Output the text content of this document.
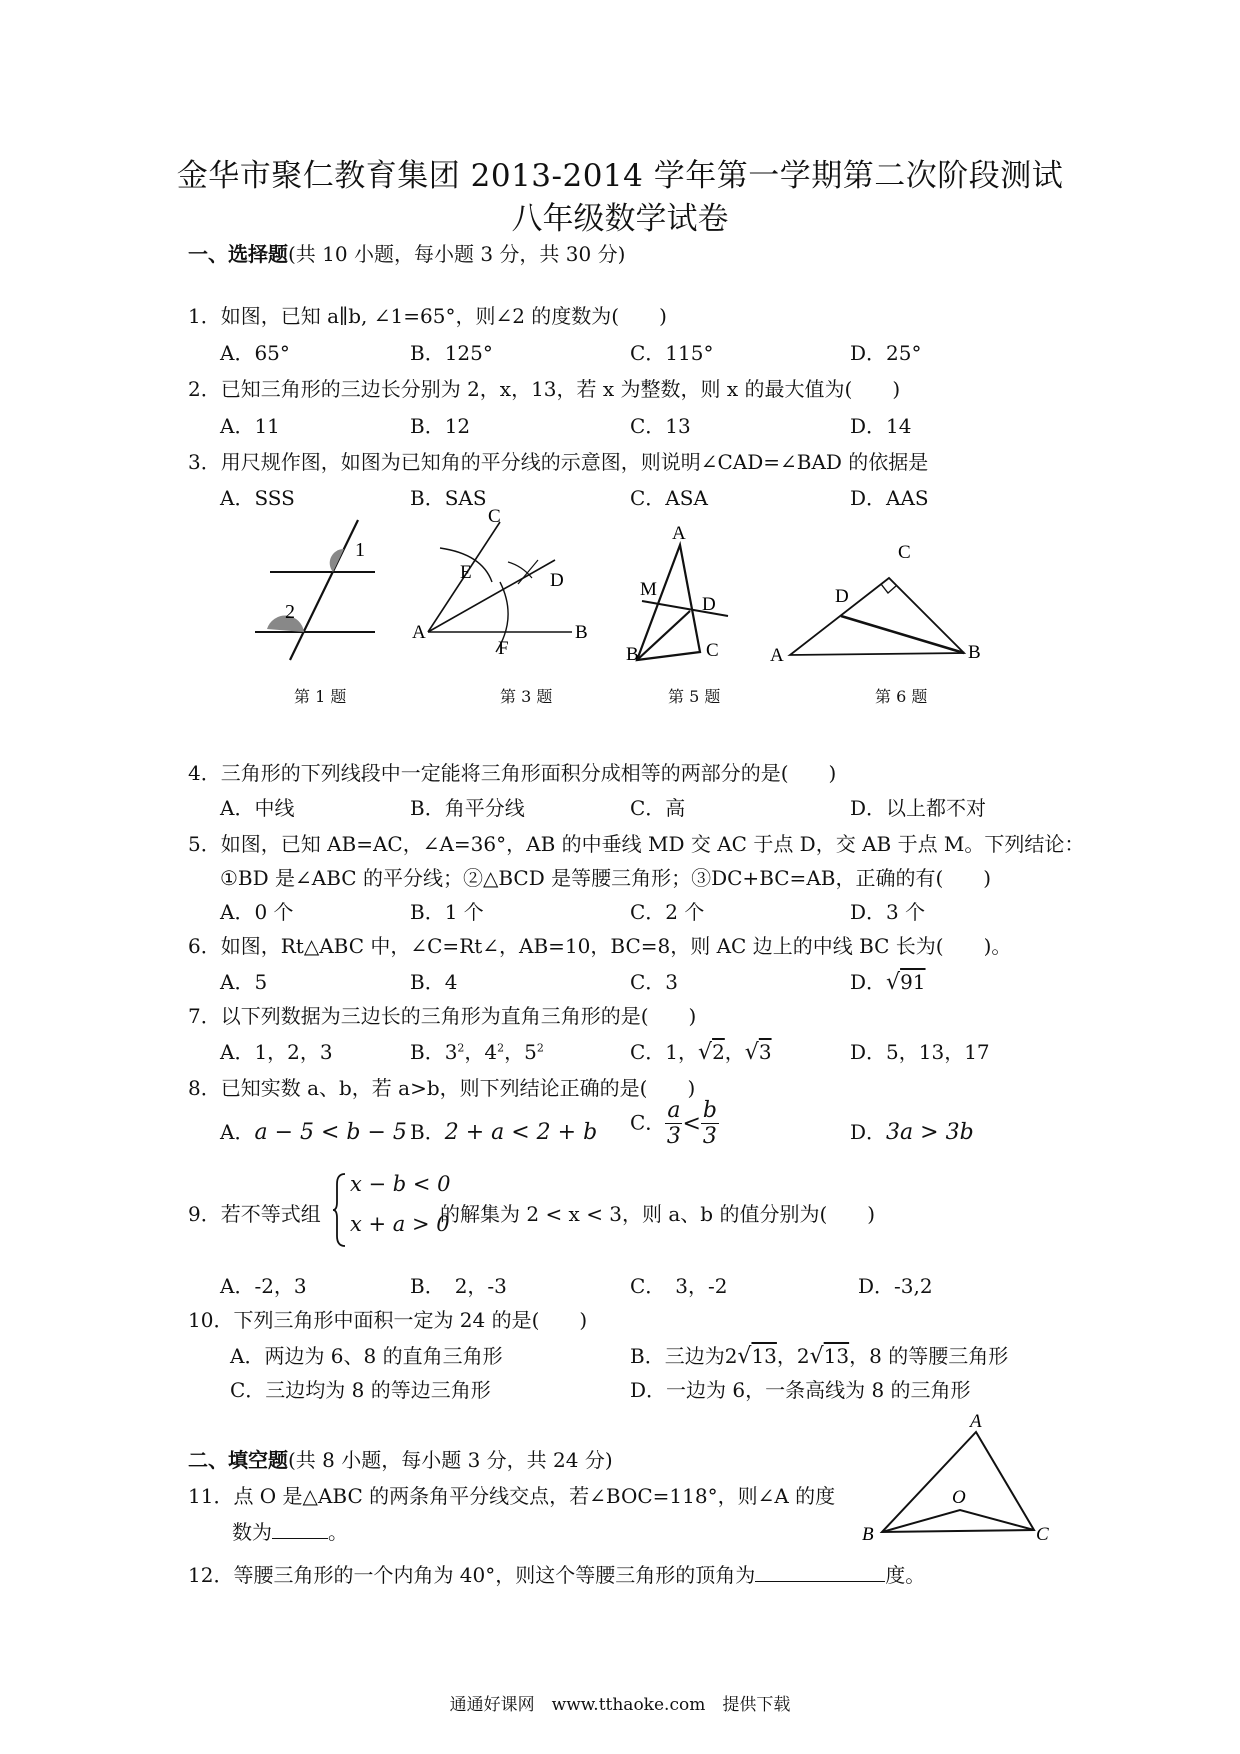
金华市聚仁教育集团 2013-2014 学年第一学期第二次阶段测试
八年级数学试卷
一、选择题(共 10 小题，每小题 3 分，共 30 分)
1．如图，已知 a∥b, ∠1=65°，则∠2 的度数为(　　)
A．65°	B．125°	C．115°	D．25°
2．已知三角形的三边长分别为 2，x，13，若 x 为整数，则 x 的最大值为(　　)
A．11	B．12	C．13	D．14
3．用尺规作图，如图为已知角的平分线的示意图，则说明∠CAD=∠BAD 的依据是
A．SSS	B．SAS	C．ASA	D．AAS
1
2
第 1 题
C
E	D
A
F
B
第 3 题
A
M
D
B	C
第 5 题
C
D
A	B
第 6 题
4．三角形的下列线段中一定能将三角形面积分成相等的两部分的是(　　)
A．中线	B．角平分线	C．高	D．以上都不对
5．如图，已知 AB=AC，∠A=36°，AB 的中垂线 MD 交 AC 于点 D，交 AB 于点 M。下列结论：
①BD 是∠ABC 的平分线；②△BCD 是等腰三角形；③DC+BC=AB，正确的有(　　)
A．0 个	B．1 个	C．2 个	D．3 个
6．如图，Rt△ABC 中，∠C=Rt∠，AB=10，BC=8，则 AC 边上的中线 BC 长为(　　)。
A．5	B．4	C．3	D．√91
7．以下列数据为三边长的三角形为直角三角形的是(　　)
A．1，2，3	B．$3^2$，$4^2$，$5^2$	C．1，√2，√3	D．5，13，17
8．已知实数 a、b，若 a>b，则下列结论正确的是(　　)
A．a − 5 < b − 5 B．2 + a < 2 + b C． $\frac{a}{3} < \frac{b}{3}$	D．3a > 3b
9．若不等式组
x − b < 0
x + a > 0
的解集为 2 < x < 3，则 a、b 的值分别为(　　)
A．-2，3	B．　2，-3	C．　3，-2	D．-3,2
10．下列三角形中面积一定为 24 的是(　　)
A．两边为 6、8 的直角三角形	B．三边为2√13，2√13，8 的等腰三角形
C．三边均为 8 的等边三角形	D．一边为 6，一条高线为 8 的三角形
二、填空题(共 8 小题，每小题 3 分，共 24 分)
A
O
B	C
11．点 O 是△ABC 的两条角平分线交点，若∠BOC=118°，则∠A 的度
数为	。
12．等腰三角形的一个内角为 40°，则这个等腰三角形的顶角为	度。
通通好课网　www.tthaoke.com　提供下载
